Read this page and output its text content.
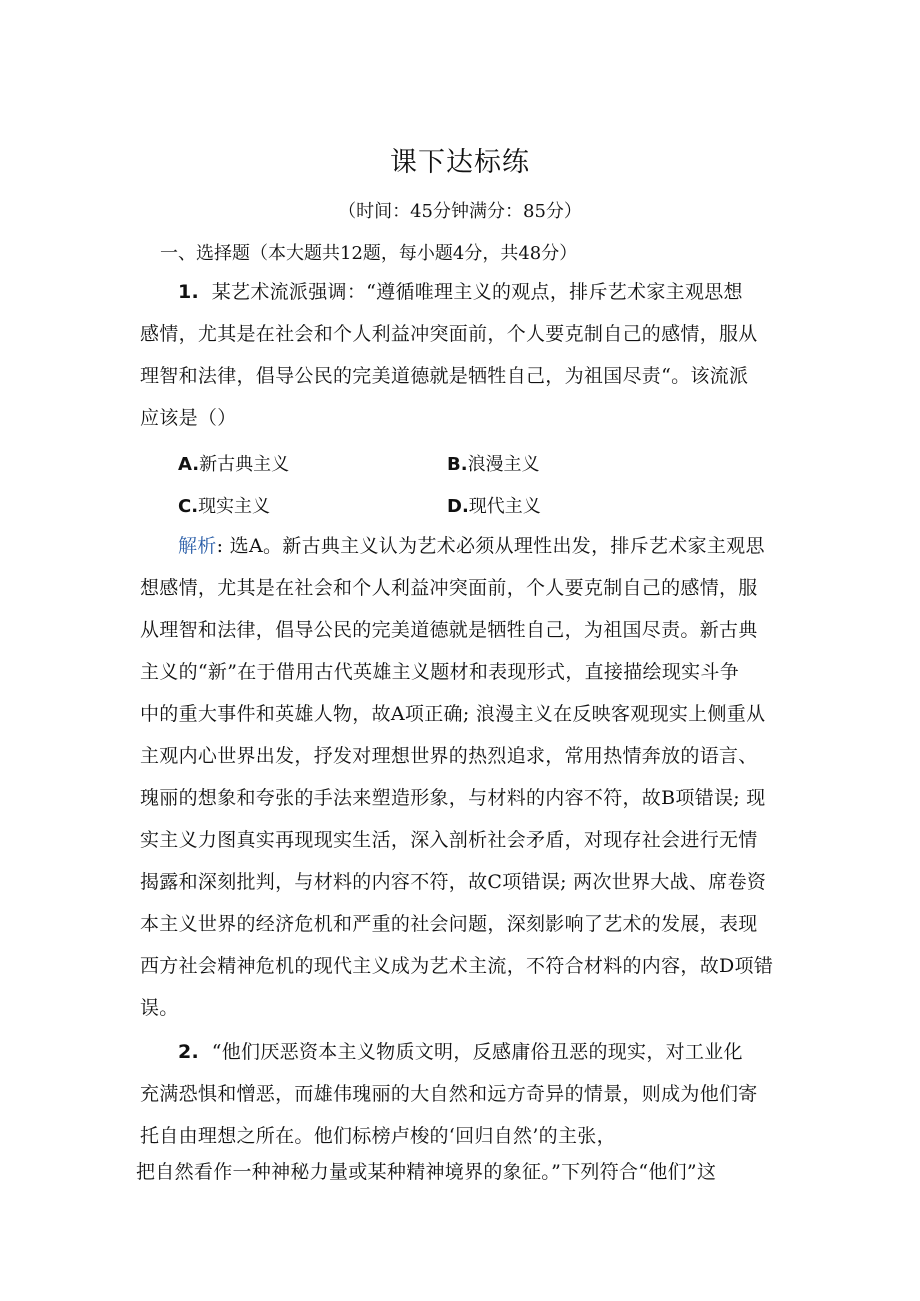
课下达标练
（时间：45分钟满分：85分）
一、选择题（本大题共12题，每小题4分，共48分）
1. 某艺术流派强调：“遵循唯理主义的观点，排斥艺术家主观思想
感情，尤其是在社会和个人利益冲突面前，个人要克制自己的感情，服从
理智和法律，倡导公民的完美道德就是牺牲自己，为祖国尽责“。该流派
应该是（）
A.新古典主义	B.浪漫主义
C.现实主义	D.现代主义
解析: 选A。新古典主义认为艺术必须从理性出发，排斥艺术家主观思
想感情，尤其是在社会和个人利益冲突面前，个人要克制自己的感情，服
从理智和法律，倡导公民的完美道德就是牺牲自己，为祖国尽责。新古典
主义的“新”在于借用古代英雄主义题材和表现形式，直接描绘现实斗争
中的重大事件和英雄人物，故A项正确; 浪漫主义在反映客观现实上侧重从
主观内心世界出发，抒发对理想世界的热烈追求，常用热情奔放的语言、
瑰丽的想象和夸张的手法来塑造形象，与材料的内容不符，故B项错误; 现
实主义力图真实再现现实生活，深入剖析社会矛盾，对现存社会进行无情
揭露和深刻批判，与材料的内容不符，故C项错误; 两次世界大战、席卷资
本主义世界的经济危机和严重的社会问题，深刻影响了艺术的发展，表现
西方社会精神危机的现代主义成为艺术主流，不符合材料的内容，故D项错
误。
2. “他们厌恶资本主义物质文明，反感庸俗丑恶的现实，对工业化
充满恐惧和憎恶，而雄伟瑰丽的大自然和远方奇异的情景，则成为他们寄
托自由理想之所在。他们标榜卢梭的‘回归自然’的主张，
把自然看作一种神秘力量或某种精神境界的象征。”下列符合“他们”这
